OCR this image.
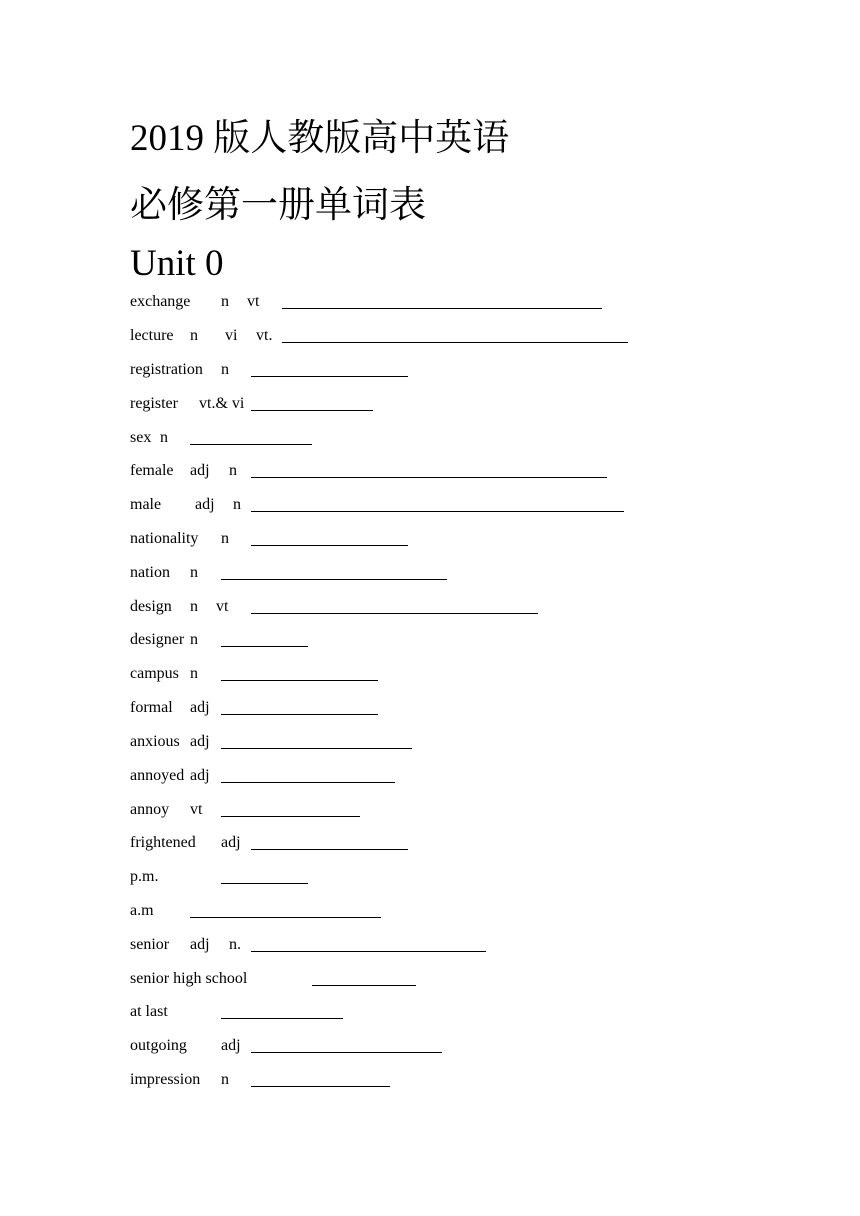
2019 版人教版高中英语
必修第一册单词表
Unit 0
exchange n vt
lecture n vi vt.
registration n
register vt.& vi
sex n
female adj n
male adj n
nationality n
nation n
design n vt
designer n
campus n
formal adj
anxious adj
annoyed adj
annoy vt
frightened adj
p.m.
a.m
senior adj n.
senior high school
at last
outgoing adj
impression n
